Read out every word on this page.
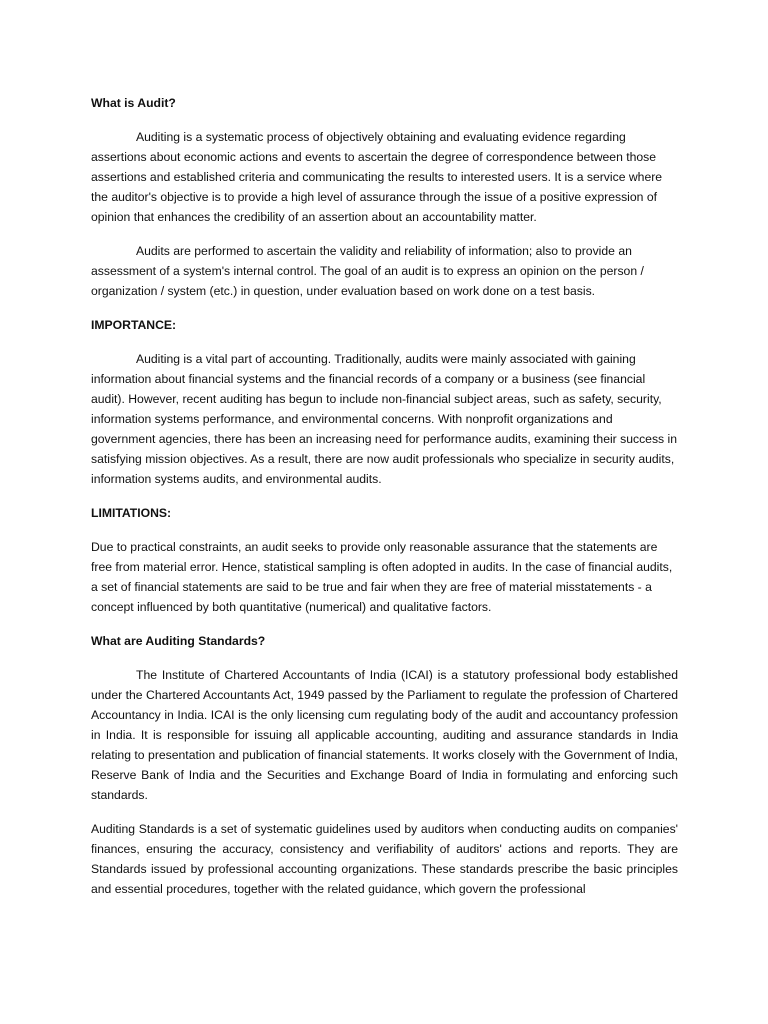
What is Audit?

Auditing is a systematic process of objectively obtaining and evaluating evidence regarding assertions about economic actions and events to ascertain the degree of correspondence between those assertions and established criteria and communicating the results to interested users. It is a service where the auditor's objective is to provide a high level of assurance through the issue of a positive expression of opinion that enhances the credibility of an assertion about an accountability matter.

Audits are performed to ascertain the validity and reliability of information; also to provide an assessment of a system's internal control. The goal of an audit is to express an opinion on the person / organization / system (etc.) in question, under evaluation based on work done on a test basis.

IMPORTANCE:

Auditing is a vital part of accounting. Traditionally, audits were mainly associated with gaining information about financial systems and the financial records of a company or a business (see financial audit). However, recent auditing has begun to include non-financial subject areas, such as safety, security, information systems performance, and environmental concerns. With nonprofit organizations and government agencies, there has been an increasing need for performance audits, examining their success in satisfying mission objectives. As a result, there are now audit professionals who specialize in security audits, information systems audits, and environmental audits.

LIMITATIONS:

Due to practical constraints, an audit seeks to provide only reasonable assurance that the statements are free from material error. Hence, statistical sampling is often adopted in audits. In the case of financial audits, a set of financial statements are said to be true and fair when they are free of material misstatements - a concept influenced by both quantitative (numerical) and qualitative factors.

What are Auditing Standards?

The Institute of Chartered Accountants of India (ICAI) is a statutory professional body established under the Chartered Accountants Act, 1949 passed by the Parliament to regulate the profession of Chartered Accountancy in India. ICAI is the only licensing cum regulating body of the audit and accountancy profession in India. It is responsible for issuing all applicable accounting, auditing and assurance standards in India relating to presentation and publication of financial statements. It works closely with the Government of India, Reserve Bank of India and the Securities and Exchange Board of India in formulating and enforcing such standards.

Auditing Standards is a set of systematic guidelines used by auditors when conducting audits on companies' finances, ensuring the accuracy, consistency and verifiability of auditors' actions and reports. They are Standards issued by professional accounting organizations. These standards prescribe the basic principles and essential procedures, together with the related guidance, which govern the professional
